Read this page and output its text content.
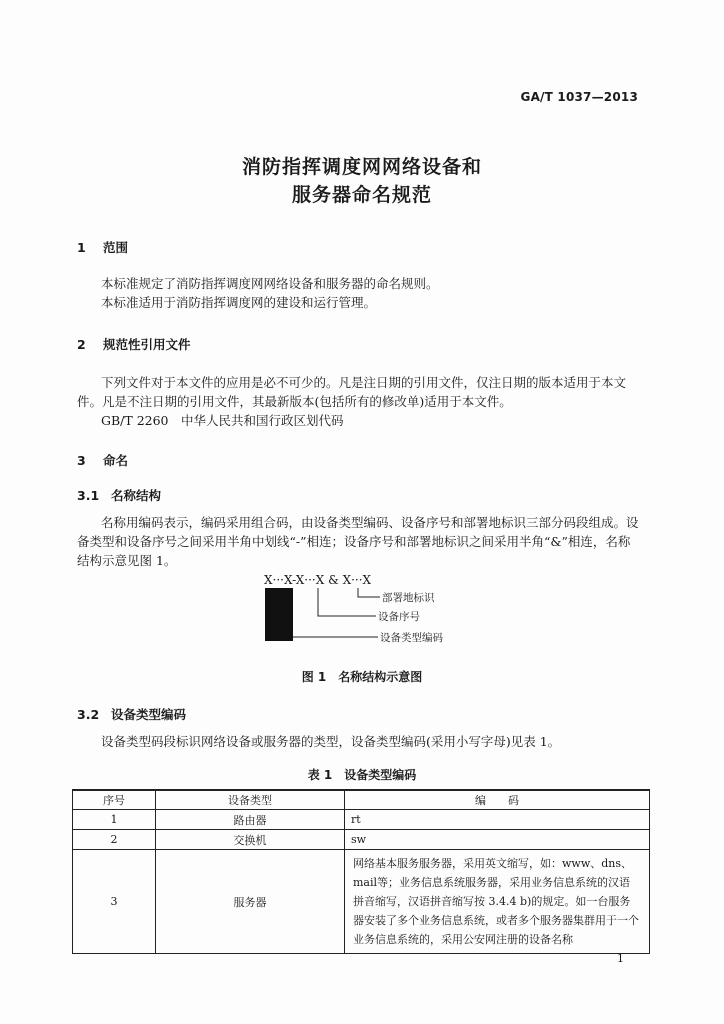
GA/T 1037—2013
消防指挥调度网网络设备和
服务器命名规范
1 范围
本标准规定了消防指挥调度网网络设备和服务器的命名规则。
本标准适用于消防指挥调度网的建设和运行管理。
2 规范性引用文件
下列文件对于本文件的应用是必不可少的。凡是注日期的引用文件，仅注日期的版本适用于本文
件。凡是不注日期的引用文件，其最新版本(包括所有的修改单)适用于本文件。
GB/T 2260　中华人民共和国行政区划代码
3 命名
3.1 名称结构
名称用编码表示，编码采用组合码，由设备类型编码、设备序号和部署地标识三部分码段组成。设
备类型和设备序号之间采用半角中划线“-”相连；设备序号和部署地标识之间采用半角“&”相连，名称
结构示意见图 1。
X···X-X···X & X···X
部署地标识
设备序号
设备类型编码
图 1　名称结构示意图
3.2 设备类型编码
设备类型码段标识网络设备或服务器的类型，设备类型编码(采用小写字母)见表 1。
表 1　设备类型编码
序号	设备类型	编　　码
1	路由器	rt
2	交换机	sw
3	服务器	网络基本服务服务器，采用英文缩写，如：www、dns、mail等；业务信息系统服务器，采用业务信息系统的汉语拼音缩写，汉语拼音缩写按 3.4.4 b)的规定。如一台服务器安装了多个业务信息系统，或者多个服务器集群用于一个业务信息系统的，采用公安网注册的设备名称
1
